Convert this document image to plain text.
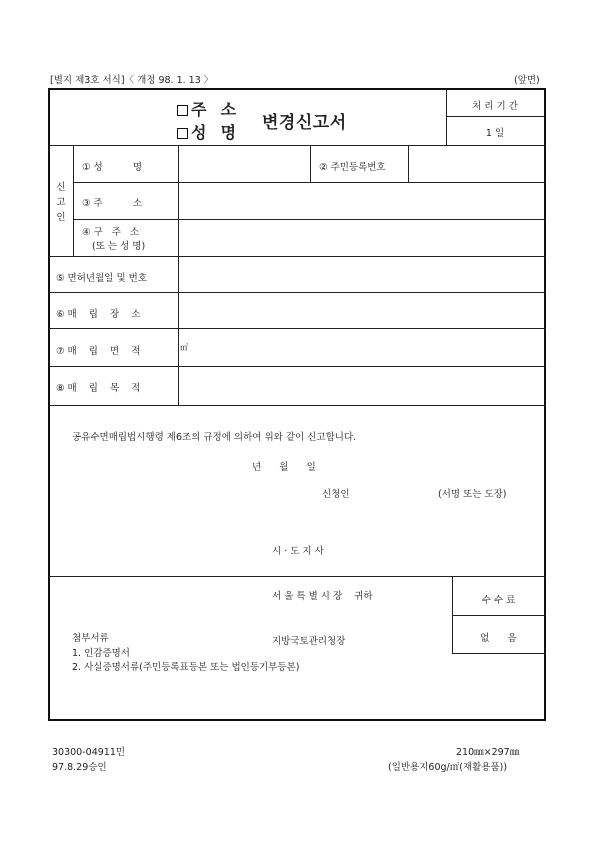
[별지 제3호 서식]〈 개정 98. 1. 13 〉	(앞면)
주  소
성  명 변경신고서
처 리 기 간
1 일
신
고
인
① 성          명	② 주민등록번호
③ 주          소
④ 구   주   소
(또 는 성 명)
⑤ 면허년월일 및 번호
⑥ 매    립    장    소
⑦ 매    립    면    적	㎡
⑧ 매    립    목    적
공유수면매립법시행령 제6조의 규정에 의하여 위와 같이 신고합니다.
년      월      일
신청인	(서명 또는 도장)

시 · 도 지 사

서 울 특 별 시 장    귀하

지방국토관리청장

수 수 료
없      음
첨부서류
1. 인감증명서
2. 사실증명서류(주민등록표등본 또는 법인등기부등본)
30300-04911민
97.8.29승인
210㎜×297㎜
(일반용지60g/㎡(재활용품))
